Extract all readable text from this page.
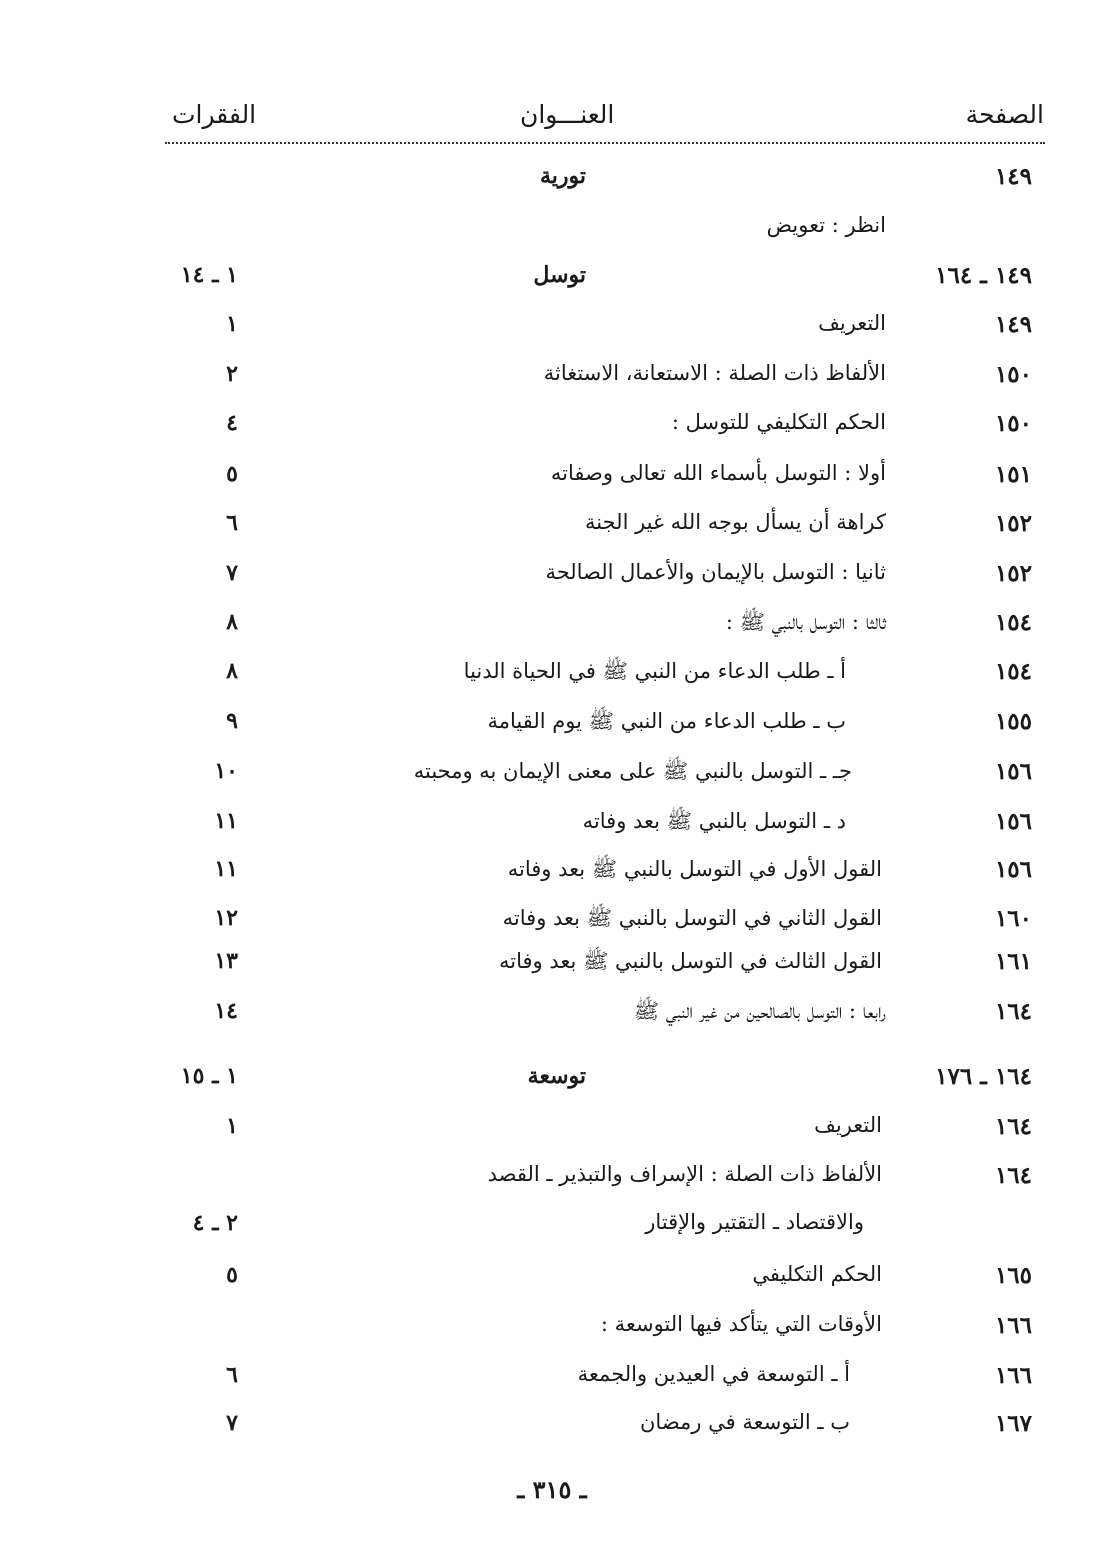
الصفحة
العنـــوان
الفقرات
١٤٩
تورية
انظر : تعويض
١٤٩ ـ ١٦٤
توسل
١ ـ ١٤
١٤٩
التعريف
١
١٥٠
الألفاظ ذات الصلة : الاستعانة، الاستغاثة
٢
١٥٠
الحكم التكليفي للتوسل :
٤
١٥١
أولا : التوسل بأسماء الله تعالى وصفاته
٥
١٥٢
كراهة أن يسأل بوجه الله غير الجنة
٦
١٥٢
ثانيا : التوسل بالإيمان والأعمال الصالحة
٧
١٥٤
ثالثا : التوسل بالنبي ﷺ :
٨
١٥٤
أ ـ طلب الدعاء من النبي ﷺ في الحياة الدنيا
٨
١٥٥
ب ـ طلب الدعاء من النبي ﷺ يوم القيامة
٩
١٥٦
جـ ـ التوسل بالنبي ﷺ على معنى الإيمان به ومحبته
١٠
١٥٦
د ـ التوسل بالنبي ﷺ بعد وفاته
١١
١٥٦
القول الأول في التوسل بالنبي ﷺ بعد وفاته
١١
١٦٠
القول الثاني في التوسل بالنبي ﷺ بعد وفاته
١٢
١٦١
القول الثالث في التوسل بالنبي ﷺ بعد وفاته
١٣
١٦٤
رابعا : التوسل بالصالحين من غير النبي ﷺ
١٤
١٦٤ ـ ١٧٦
توسعة
١ ـ ١٥
١٦٤
التعريف
١
١٦٤
الألفاظ ذات الصلة : الإسراف والتبذير ـ القصد
والاقتصاد ـ التقتير والإقتار
٢ ـ ٤
١٦٥
الحكم التكليفي
٥
١٦٦
الأوقات التي يتأكد فيها التوسعة :
١٦٦
أ ـ التوسعة في العيدين والجمعة
٦
١٦٧
ب ـ التوسعة في رمضان
٧
ـ ٣١٥ ـ
